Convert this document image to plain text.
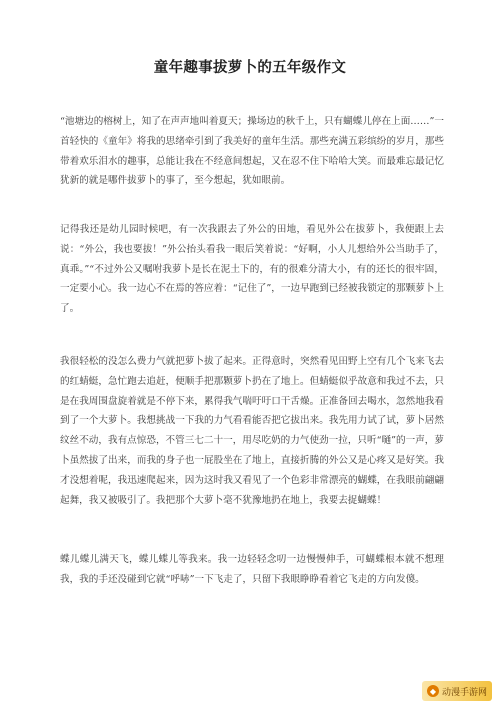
童年趣事拔萝卜的五年级作文
“池塘边的榕树上，知了在声声地叫着夏天；操场边的秋千上，只有蝴蝶儿停在上面……”一首轻快的《童年》将我的思绪牵引到了我美好的童年生活。那些充满五彩缤纷的岁月，那些带着欢乐泪水的趣事，总能让我在不经意间想起，又在忍不住下哈哈大笑。而最难忘最记忆犹新的就是哪件拔萝卜的事了，至今想起，犹如眼前。
记得我还是幼儿园时候吧，有一次我跟去了外公的田地，看见外公在拔萝卜，我便跟上去说：“外公，我也要拔！”外公抬头看我一眼后笑着说：“好啊，小人儿想给外公当助手了，真乖。”“不过外公又嘱咐我萝卜是长在泥土下的，有的很难分清大小，有的还长的很牢固，一定要小心。我一边心不在焉的答应着：“记住了”，一边早跑到已经被我锁定的那颗萝卜上了。
我很轻松的没怎么费力气就把萝卜拔了起来。正得意时，突然看见田野上空有几个飞来飞去的红蜻蜓，急忙跑去追赶，便顺手把那颗萝卜扔在了地上。但蜻蜓似乎故意和我过不去，只是在我周围盘旋着就是不停下来，累得我气喘吁吁口干舌燥。正准备回去喝水，忽然地我看到了一个大萝卜。我想挑战一下我的力气看看能否把它拔出来。我先用力试了试，萝卜居然纹丝不动，我有点惊恐，不管三七二十一，用尽吃奶的力气使劲一拉，只听“嗵”的一声，萝卜虽然拔了出来，而我的身子也一屁股坐在了地上，直接折腾的外公又是心疼又是好笑。我才没想着呢，我迅速爬起来，因为这时我又看见了一个色彩非常漂亮的蝴蝶，在我眼前翩翩起舞，我又被吸引了。我把那个大萝卜毫不犹豫地扔在地上，我要去捉蝴蝶！
蝶儿蝶儿满天飞，蝶儿蝶儿等我来。我一边轻轻念叨一边慢慢伸手，可蝴蝶根本就不想理我，我的手还没碰到它就“呼哧”一下飞走了，只留下我眼睁睁看着它飞走的方向发傻。
◆ 动漫手游网
